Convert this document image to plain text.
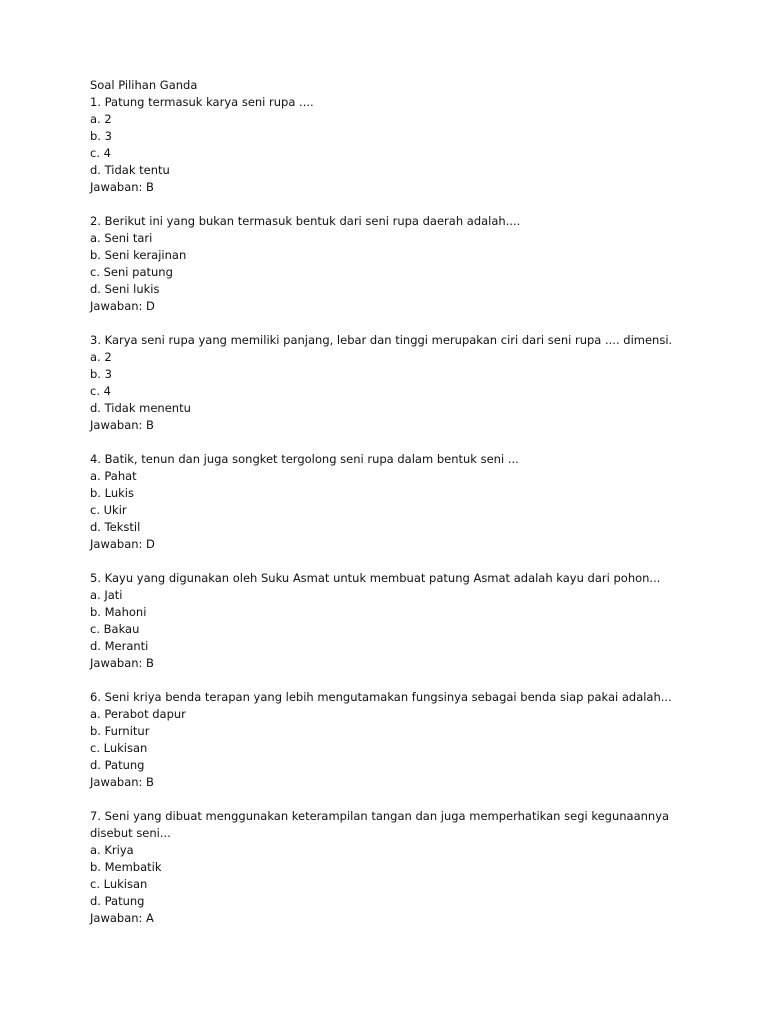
Soal Pilihan Ganda
1. Patung termasuk karya seni rupa ....
a. 2
b. 3
c. 4
d. Tidak tentu
Jawaban: B
2. Berikut ini yang bukan termasuk bentuk dari seni rupa daerah adalah....
a. Seni tari
b. Seni kerajinan
c. Seni patung
d. Seni lukis
Jawaban: D
3. Karya seni rupa yang memiliki panjang, lebar dan tinggi merupakan ciri dari seni rupa .... dimensi.
a. 2
b. 3
c. 4
d. Tidak menentu
Jawaban: B
4. Batik, tenun dan juga songket tergolong seni rupa dalam bentuk seni ...
a. Pahat
b. Lukis
c. Ukir
d. Tekstil
Jawaban: D
5. Kayu yang digunakan oleh Suku Asmat untuk membuat patung Asmat adalah kayu dari pohon...
a. Jati
b. Mahoni
c. Bakau
d. Meranti
Jawaban: B
6. Seni kriya benda terapan yang lebih mengutamakan fungsinya sebagai benda siap pakai adalah...
a. Perabot dapur
b. Furnitur
c. Lukisan
d. Patung
Jawaban: B
7. Seni yang dibuat menggunakan keterampilan tangan dan juga memperhatikan segi kegunaannya disebut seni...
a. Kriya
b. Membatik
c. Lukisan
d. Patung
Jawaban: A
